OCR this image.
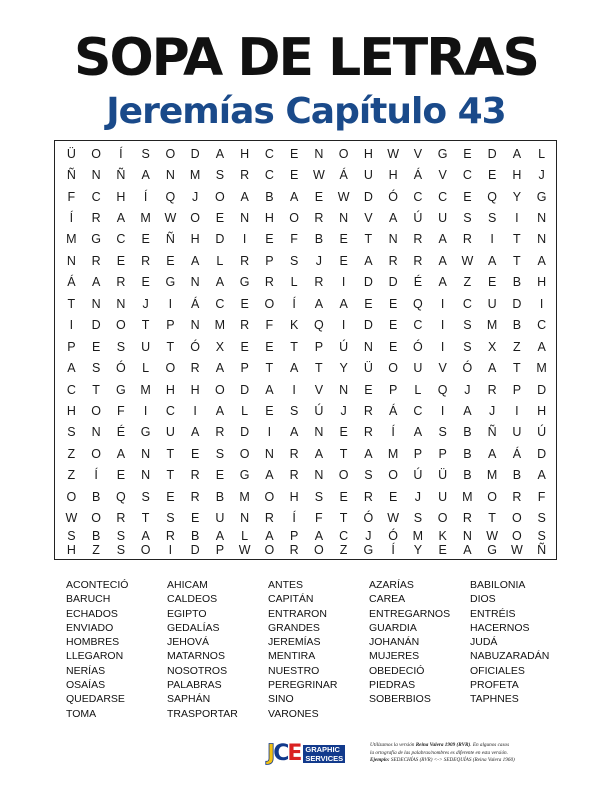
SOPA DE LETRAS
Jeremías Capítulo 43
Ü	O	Í	S	O	D	A	H	C	E	N	O	H	W	V	G	E	D	A	L
Ñ	N	Ñ	A	N	M	S	R	C	E	W	Á	U	H	Á	V	C	E	H	J
F	C	H	Í	Q	J	O	A	B	A	E	W	D	Ó	C	C	E	Q	Y	G
Í	R	A	M	W	O	E	N	H	O	R	N	V	A	Ú	U	S	S	I	N
M	G	C	E	Ñ	H	D	I	E	F	B	E	T	N	R	A	R	I	T	N
N	R	E	R	E	A	L	R	P	S	J	E	A	R	R	A	W	A	T	A
Á	A	R	E	G	N	A	G	R	L	R	I	D	D	É	A	Z	E	B	H
T	N	N	J	I	Á	C	E	O	Í	A	A	E	E	Q	I	C	U	D	I
I	D	O	T	P	N	M	R	F	K	Q	I	D	E	C	I	S	M	B	C
P	E	S	U	T	Ó	X	E	E	T	P	Ú	N	E	Ó	I	S	X	Z	A
A	S	Ó	L	O	R	A	P	T	A	T	Y	Ü	O	U	V	Ó	A	T	M
C	T	G	M	H	H	O	D	A	I	V	N	E	P	L	Q	J	R	P	D
H	O	F	I	C	I	A	L	E	S	Ú	J	R	Á	C	I	A	J	I	H
S	N	É	G	U	A	R	D	I	A	N	E	R	Í	A	S	B	Ñ	U	Ú
Z	O	A	N	T	E	S	O	N	R	A	T	A	M	P	P	B	A	Á	D
Z	Í	E	N	T	R	E	G	A	R	N	O	S	O	Ú	Ü	B	M	B	A
O	B	Q	S	E	R	B	M	O	H	S	E	R	E	J	U	M	O	R	F
W	O	R	T	S	E	U	N	R	Í	F	T	Ó	W	S	O	R	T	O	S
S	B	S	A	R	B	A	L	A	P	A	C	J	Ó	M	K	N	W	O	S
H	Z	S	O	I	D	P	W	O	R	O	Z	G	Í	Y	E	A	G	W	Ñ
ACONTECIÓ
BARUCH
ECHADOS
ENVIADO
HOMBRES
LLEGARON
NERÍAS
OSAÍAS
QUEDARSE
TOMA
AHICAM
CALDEOS
EGIPTO
GEDALÍAS
JEHOVÁ
MATARNOS
NOSOTROS
PALABRAS
SAPHÁN
TRASPORTAR
ANTES
CAPITÁN
ENTRARON
GRANDES
JEREMÍAS
MENTIRA
NUESTRO
PEREGRINAR
SINO
VARONES
AZARÍAS
CAREA
ENTREGARNOS
GUARDIA
JOHANÁN
MUJERES
OBEDECIÓ
PIEDRAS
SOBERBIOS
BABILONIA
DIOS
ENTRÉIS
HACERNOS
JUDÁ
NABUZARADÁN
OFICIALES
PROFETA
TAPHNES
J C E GRAPHIC
SERVICES
Utilizamos la versión Reina Valera 1909 (RVR). En algunos casos
la ortografía de las palabras/nombres es diferente en esta versión.
Ejemplo: SEDECHÍAS (RVR) <-> SEDEQUÍAS (Reina Valera 1960)
